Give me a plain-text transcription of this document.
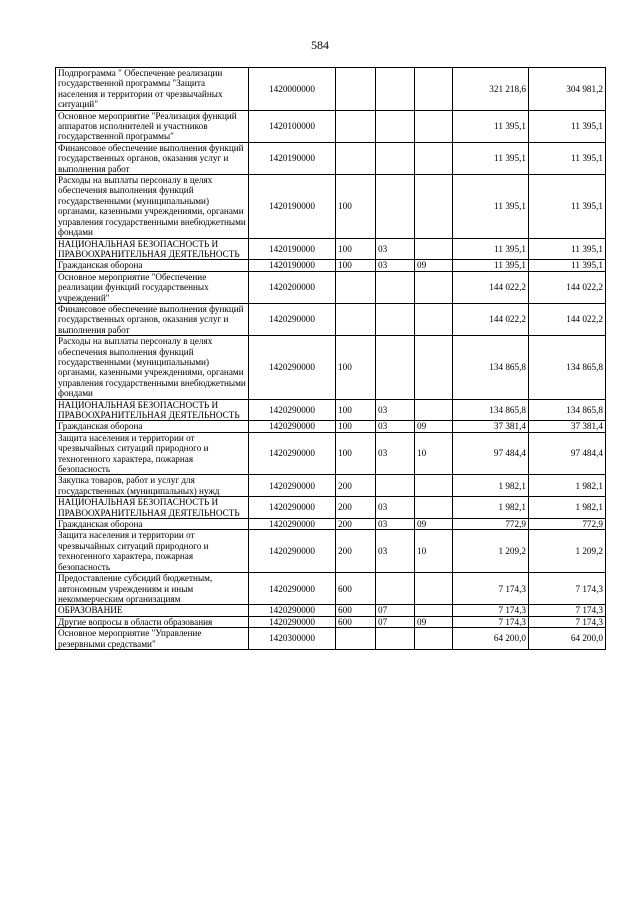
584
Подпрограмма " Обеспечение реализации государственной программы "Защита населения и территории от чрезвычайных ситуаций"	1420000000				321 218,6	304 981,2
Основное мероприятие "Реализация функций аппаратов исполнителей и участников государственной программы"	1420100000				11 395,1	11 395,1
Финансовое обеспечение выполнения функций государственных органов, оказания услуг и выполнения работ	1420190000				11 395,1	11 395,1
Расходы на выплаты персоналу в целях обеспечения выполнения функций государственными (муниципальными) органами, казенными учреждениями, органами управления государственными внебюджетными фондами	1420190000	100			11 395,1	11 395,1
НАЦИОНАЛЬНАЯ БЕЗОПАСНОСТЬ И ПРАВООХРАНИТЕЛЬНАЯ ДЕЯТЕЛЬНОСТЬ	1420190000	100	03		11 395,1	11 395,1
Гражданская оборона	1420190000	100	03	09	11 395,1	11 395,1
Основное мероприятие "Обеспечение реализации функций государственных учреждений"	1420200000				144 022,2	144 022,2
Финансовое обеспечение выполнения функций государственных органов, оказания услуг и выполнения работ	1420290000				144 022,2	144 022,2
Расходы на выплаты персоналу в целях обеспечения выполнения функций государственными (муниципальными) органами, казенными учреждениями, органами управления государственными внебюджетными фондами	1420290000	100			134 865,8	134 865,8
НАЦИОНАЛЬНАЯ БЕЗОПАСНОСТЬ И ПРАВООХРАНИТЕЛЬНАЯ ДЕЯТЕЛЬНОСТЬ	1420290000	100	03		134 865,8	134 865,8
Гражданская оборона	1420290000	100	03	09	37 381,4	37 381,4
Защита населения и территории от чрезвычайных ситуаций природного и техногенного характера, пожарная безопасность	1420290000	100	03	10	97 484,4	97 484,4
Закупка товаров, работ и услуг для государственных (муниципальных) нужд	1420290000	200			1 982,1	1 982,1
НАЦИОНАЛЬНАЯ БЕЗОПАСНОСТЬ И ПРАВООХРАНИТЕЛЬНАЯ ДЕЯТЕЛЬНОСТЬ	1420290000	200	03		1 982,1	1 982,1
Гражданская оборона	1420290000	200	03	09	772,9	772,9
Защита населения и территории от чрезвычайных ситуаций природного и техногенного характера, пожарная безопасность	1420290000	200	03	10	1 209,2	1 209,2
Предоставление субсидий бюджетным, автономным учреждениям и иным некоммерческим организациям	1420290000	600			7 174,3	7 174,3
ОБРАЗОВАНИЕ	1420290000	600	07		7 174,3	7 174,3
Другие вопросы в области образования	1420290000	600	07	09	7 174,3	7 174,3
Основное мероприятие "Управление резервными средствами"	1420300000				64 200,0	64 200,0
